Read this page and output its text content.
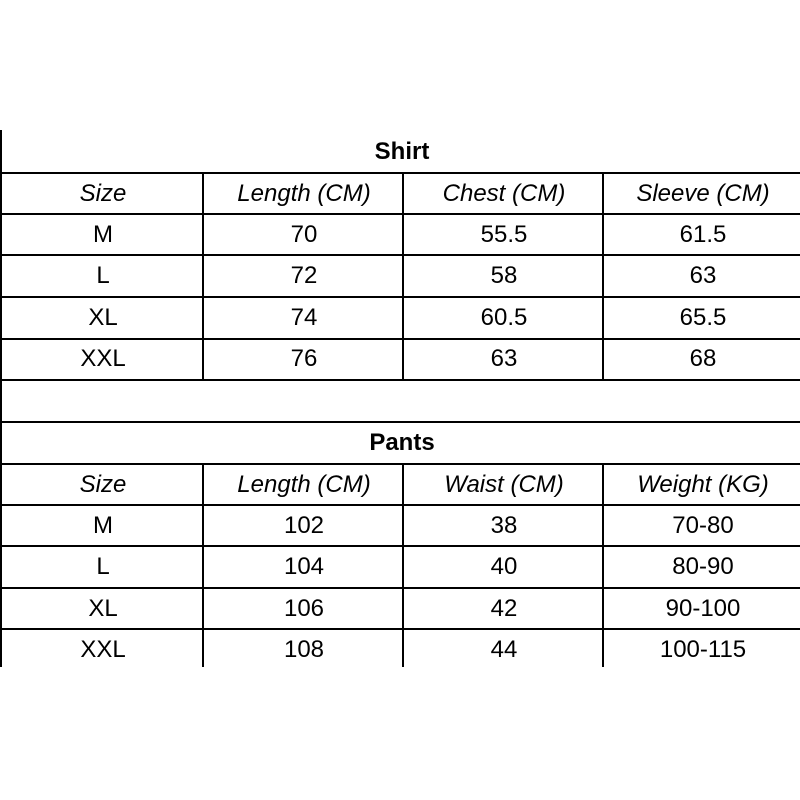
Shirt
Size	Length (CM)	Chest (CM)	Sleeve (CM)
M	70	55.5	61.5
L	72	58	63
XL	74	60.5	65.5
XXL	76	63	68
Pants
Size	Length (CM)	Waist (CM)	Weight (KG)
M	102	38	70-80
L	104	40	80-90
XL	106	42	90-100
XXL	108	44	100-115
